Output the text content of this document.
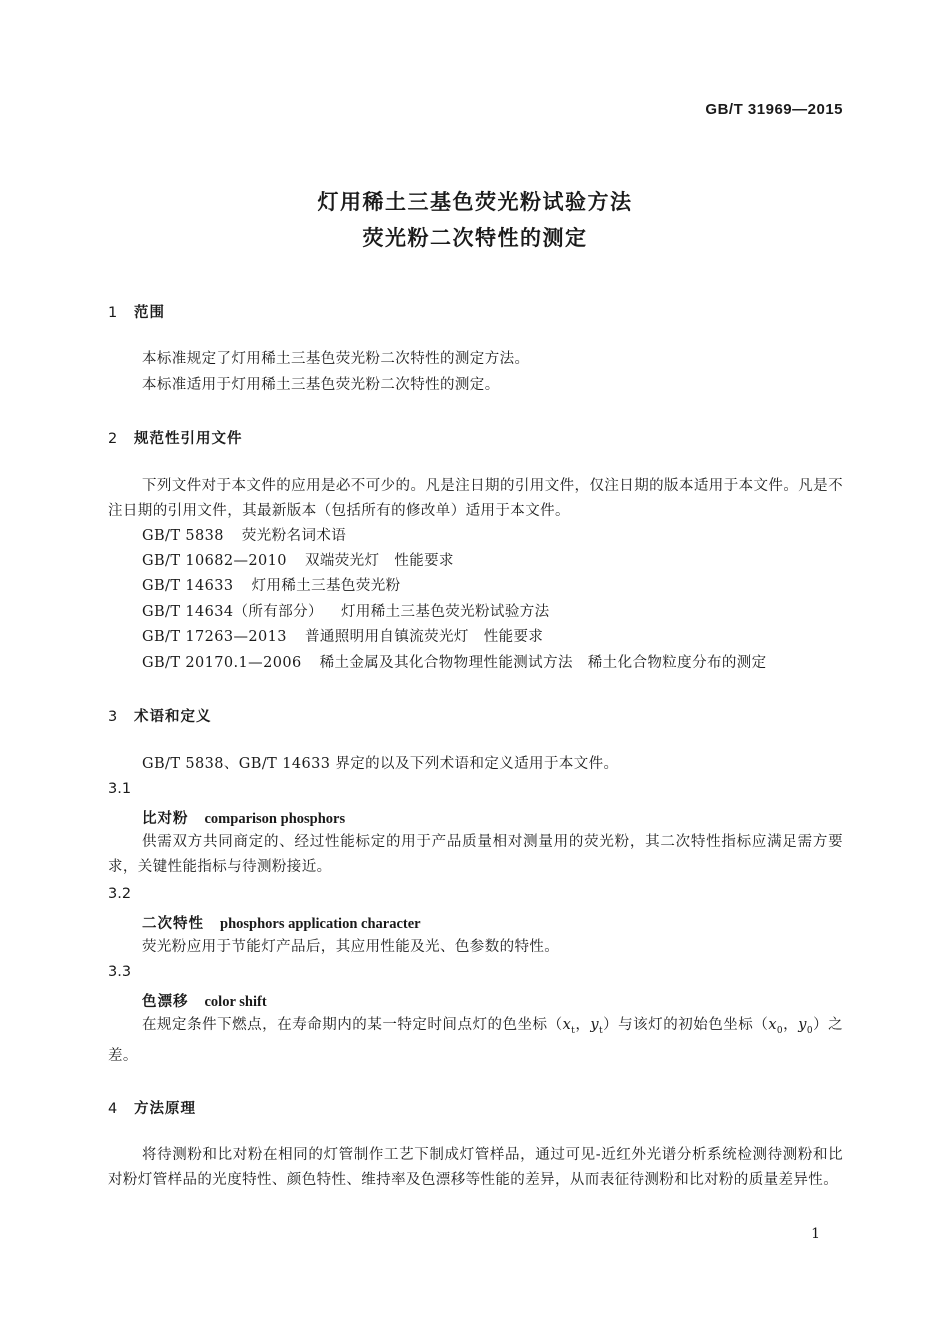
GB/T 31969—2015
灯用稀土三基色荧光粉试验方法
荧光粉二次特性的测定
1 范围
本标准规定了灯用稀土三基色荧光粉二次特性的测定方法。
本标准适用于灯用稀土三基色荧光粉二次特性的测定。
2 规范性引用文件
下列文件对于本文件的应用是必不可少的。凡是注日期的引用文件，仅注日期的版本适用于本文件。凡是不注日期的引用文件，其最新版本（包括所有的修改单）适用于本文件。
GB/T 5838 荧光粉名词术语
GB/T 10682—2010 双端荧光灯　性能要求
GB/T 14633 灯用稀土三基色荧光粉
GB/T 14634（所有部分） 灯用稀土三基色荧光粉试验方法
GB/T 17263—2013 普通照明用自镇流荧光灯　性能要求
GB/T 20170.1—2006 稀土金属及其化合物物理性能测试方法　稀土化合物粒度分布的测定
3 术语和定义
GB/T 5838、GB/T 14633 界定的以及下列术语和定义适用于本文件。
3.1
比对粉 comparison phosphors
供需双方共同商定的、经过性能标定的用于产品质量相对测量用的荧光粉，其二次特性指标应满足需方要求，关键性能指标与待测粉接近。
3.2
二次特性 phosphors application character
荧光粉应用于节能灯产品后，其应用性能及光、色参数的特性。
3.3
色漂移 color shift
在规定条件下燃点，在寿命期内的某一特定时间点灯的色坐标（$x_t$，$y_t$）与该灯的初始色坐标（$x_0$，$y_0$）之差。
4 方法原理
将待测粉和比对粉在相同的灯管制作工艺下制成灯管样品，通过可见-近红外光谱分析系统检测待测粉和比对粉灯管样品的光度特性、颜色特性、维持率及色漂移等性能的差异，从而表征待测粉和比对粉的质量差异性。
1
